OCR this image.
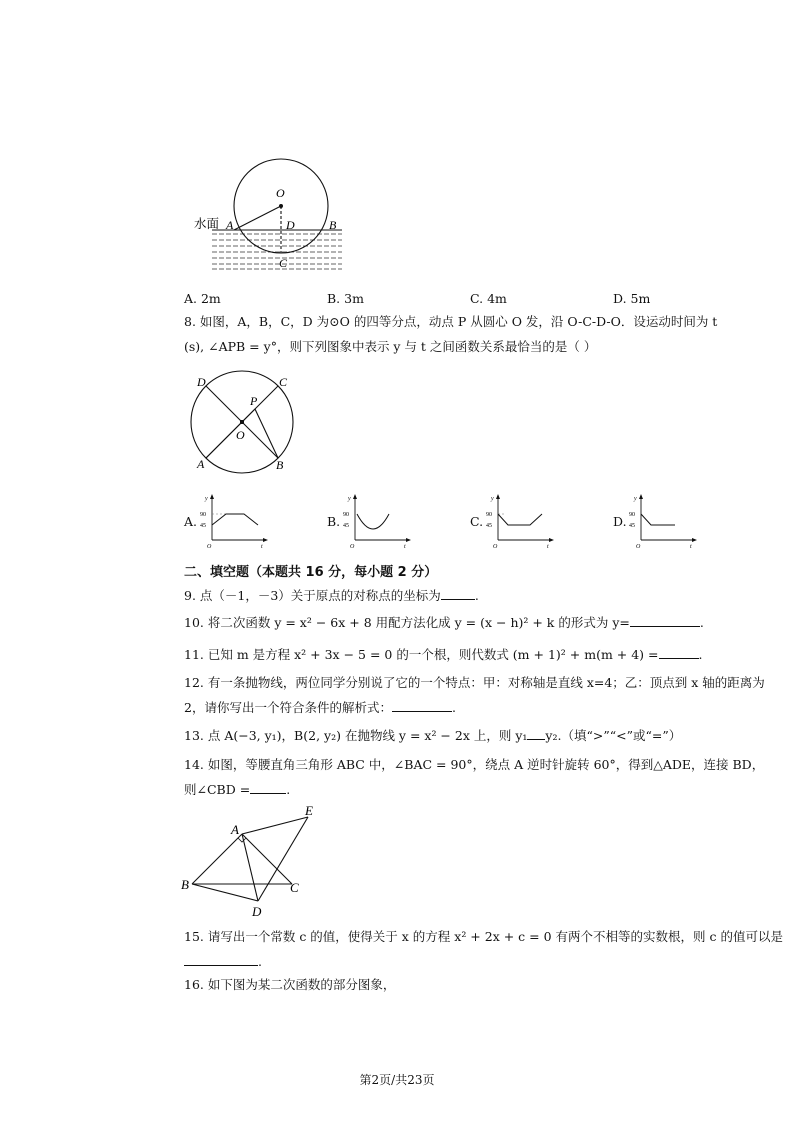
水面
O
A	B
D
C
A. 2m	B. 3m	C. 4m	D. 5m
8. 如图，A，B，C，D 为⊙O 的四等分点，动点 P 从圆心 O 发，沿 O-C-D-O．设运动时间为 t
(s), ∠APB = y°，则下列图象中表示 y 与 t 之间函数关系最恰当的是（ ）
D	C
P
O
A	B
A.
y
90
45
O	t
B.
y
90
45
O	t
C.
y
90
45
O	t
D.
y
90
45
O	t
二、填空题（本题共 16 分，每小题 2 分）
9. 点（－1，－3）关于原点的对称点的坐标为	.
10. 将二次函数 y = x² − 6x + 8 用配方法化成 y = (x − h)² + k 的形式为 y=	.
11. 已知 m 是方程 x² + 3x − 5 = 0 的一个根，则代数式 (m + 1)² + m(m + 4) =	.
12. 有一条抛物线，两位同学分别说了它的一个特点：甲：对称轴是直线 x=4；乙：顶点到 x 轴的距离为
2，请你写出一个符合条件的解析式：	.
13. 点 A(−3, y₁)，B(2, y₂) 在抛物线 y = x² − 2x 上，则 y₁ y₂.（填“>”“<”或“=”）
14. 如图，等腰直角三角形 ABC 中，∠BAC = 90°，绕点 A 逆时针旋转 60°，得到△ADE，连接 BD，
则∠CBD =	.
A
B	C
D
E
15. 请写出一个常数 c 的值，使得关于 x 的方程 x² + 2x + c = 0 有两个不相等的实数根，则 c 的值可以是
.
16. 如下图为某二次函数的部分图象，
第2页/共23页
